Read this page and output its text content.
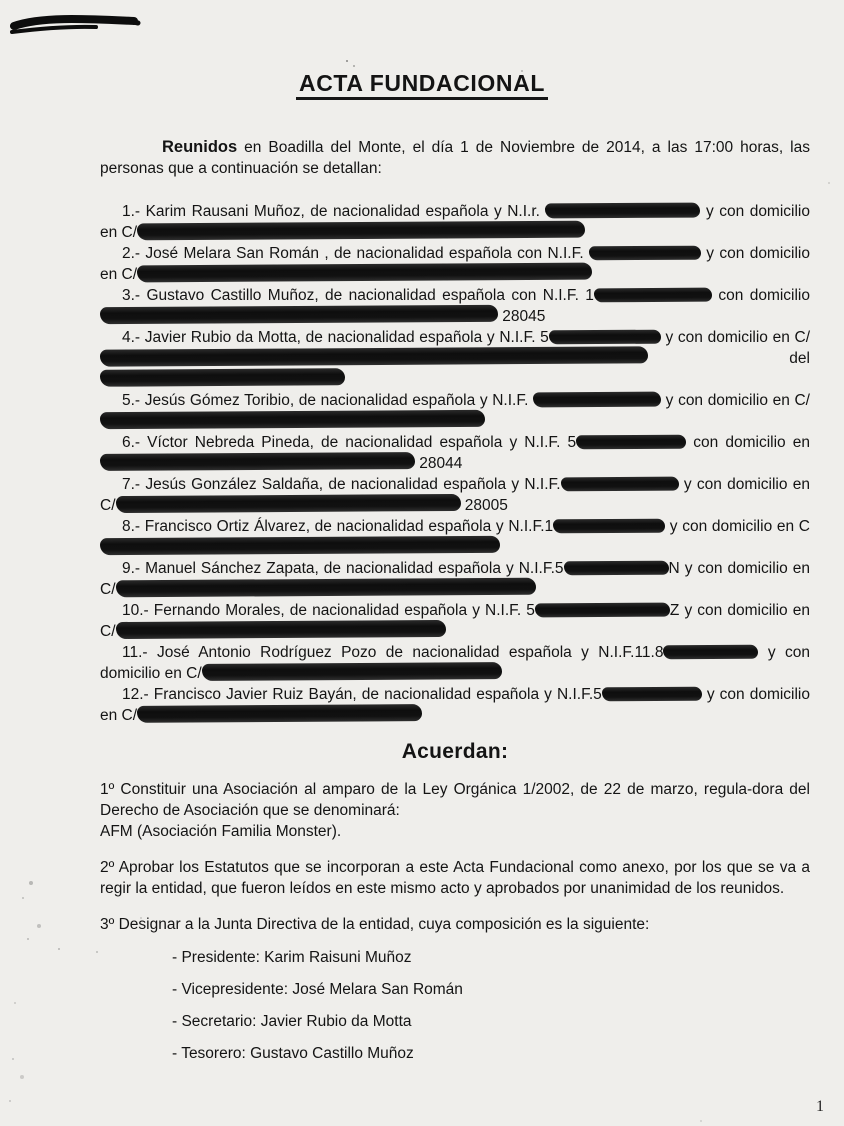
ACTA FUNDACIONAL

Reunidos en Boadilla del Monte, el día 1 de Noviembre de 2014, a las 17:00 horas, las personas que a continuación se detallan:

1.- Karim Rausani Muñoz, de nacionalidad española y N.I.r.	y con domicilio en C/

2.- José Melara San Román , de nacionalidad española con N.I.F.	y con domicilio en C/

3.- Gustavo Castillo Muñoz, de nacionalidad española con N.I.F. 1	con domicilio 28045

4.- Javier Rubio da Motta, de nacionalidad española y N.I.F. 5	y con domicilio en C/ del

5.- Jesús Gómez Toribio, de nacionalidad española y N.I.F.	y con domicilio en C/

6.- Víctor Nebreda Pineda, de nacionalidad española y N.I.F. 5	con domicilio en 28044

7.- Jesús González Saldaña, de nacionalidad española y N.I.F.	y con domicilio en C/	28005

8.- Francisco Ortiz Álvarez, de nacionalidad española y N.I.F.1	y con domicilio en C

9.- Manuel Sánchez Zapata, de nacionalidad española y N.I.F.5	N y con domicilio en C/

10.- Fernando Morales, de nacionalidad española y N.I.F. 5	Z y con domicilio en C/

11.- José Antonio Rodríguez Pozo de nacionalidad española y N.I.F.11.8	y con domicilio en C/

12.- Francisco Javier Ruiz Bayán, de nacionalidad española y N.I.F.5	y con domicilio en C/

Acuerdan:

1º Constituir una Asociación al amparo de la Ley Orgánica 1/2002, de 22 de marzo, regula-dora del Derecho de Asociación que se denominará:
AFM (Asociación Familia Monster).

2º Aprobar los Estatutos que se incorporan a este Acta Fundacional como anexo, por los que se va a regir la entidad, que fueron leídos en este mismo acto y aprobados por unanimidad de los reunidos.

3º Designar a la Junta Directiva de la entidad, cuya composición es la siguiente:

- Presidente: Karim Raisuni Muñoz
- Vicepresidente: José Melara San Román
- Secretario: Javier Rubio da Motta
- Tesorero: Gustavo Castillo Muñoz
1
